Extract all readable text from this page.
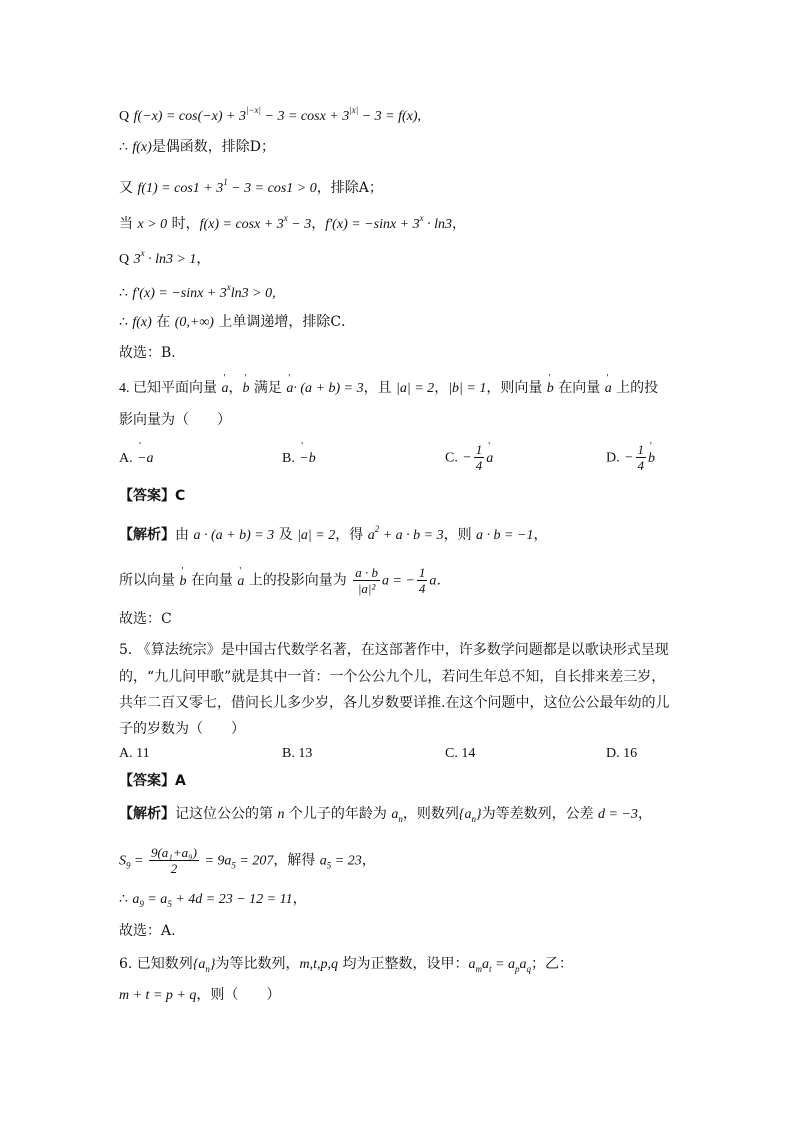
Q $f(-x) = \cos(-x) + 3^{|-x|} - 3 = \cos x + 3^{|x|} - 3 = f(x)$,
∴ f(x)是偶函数，排除D；
又 $f(1) = \cos 1 + 3^1 - 3 = \cos 1 > 0$，排除A；
当 x > 0 时，$f(x) = \cos x + 3^x - 3$，$f'(x) = -\sin x + 3^x \cdot \ln 3$，
Q $3^x \cdot \ln 3 > 1$，
∴ $f'(x) = -\sin x + 3^x\ln 3 > 0$,
∴ f(x) 在 (0,+∞) 上单调递增，排除C．
故选：B．
4. 已知平面向量 ' a，' b 满足 ' a· (a + b) = 3，且 |a| = 2，|b| = 1，则向量 ' b 在向量 ' a 上的投
影向量为（　　）
A. ' −a	B. ' −b	C. − $\frac{1}{4}$ ' a	D. − $\frac{1}{4}$ ' b
【答案】C
【解析】由 a · (a + b) = 3 及 |a| = 2，得 $a^2 + a \cdot b = 3$，则 a · b = −1，
所以向量 ' b 在向量 ' a 上的投影向量为 $\frac{a \cdot b}{\text{|a|²}}$ a = − $\frac{1}{4}$ a．
故选：C
5. 《算法统宗》是中国古代数学名著，在这部著作中，许多数学问题都是以歌诀形式呈现
的，“九儿问甲歌”就是其中一首：一个公公九个儿，若问生年总不知，自长排来差三岁，
共年二百又零七，借问长儿多少岁，各儿岁数要详推.在这个问题中，这位公公最年幼的儿
子的岁数为（　　）
A. 11	B. 13	C. 14	D. 16
【答案】A
【解析】记这位公公的第 n 个儿子的年龄为 $a_n$，则数列$\{a_n\}$为等差数列，公差 d = −3，
$S_9 = \frac{\text{9(a₁+a₉)}}{2} = 9a_5 = 207$，解得 $a_5 = 23$，
∴ $a_9 = a_5 + 4d = 23 - 12 = 11$，
故选：A.
6. 已知数列$\{a_n\}$为等比数列，m,t,p,q 均为正整数，设甲：$a_ma_t = a_pa_q$；乙：
m + t = p + q，则（　　）
